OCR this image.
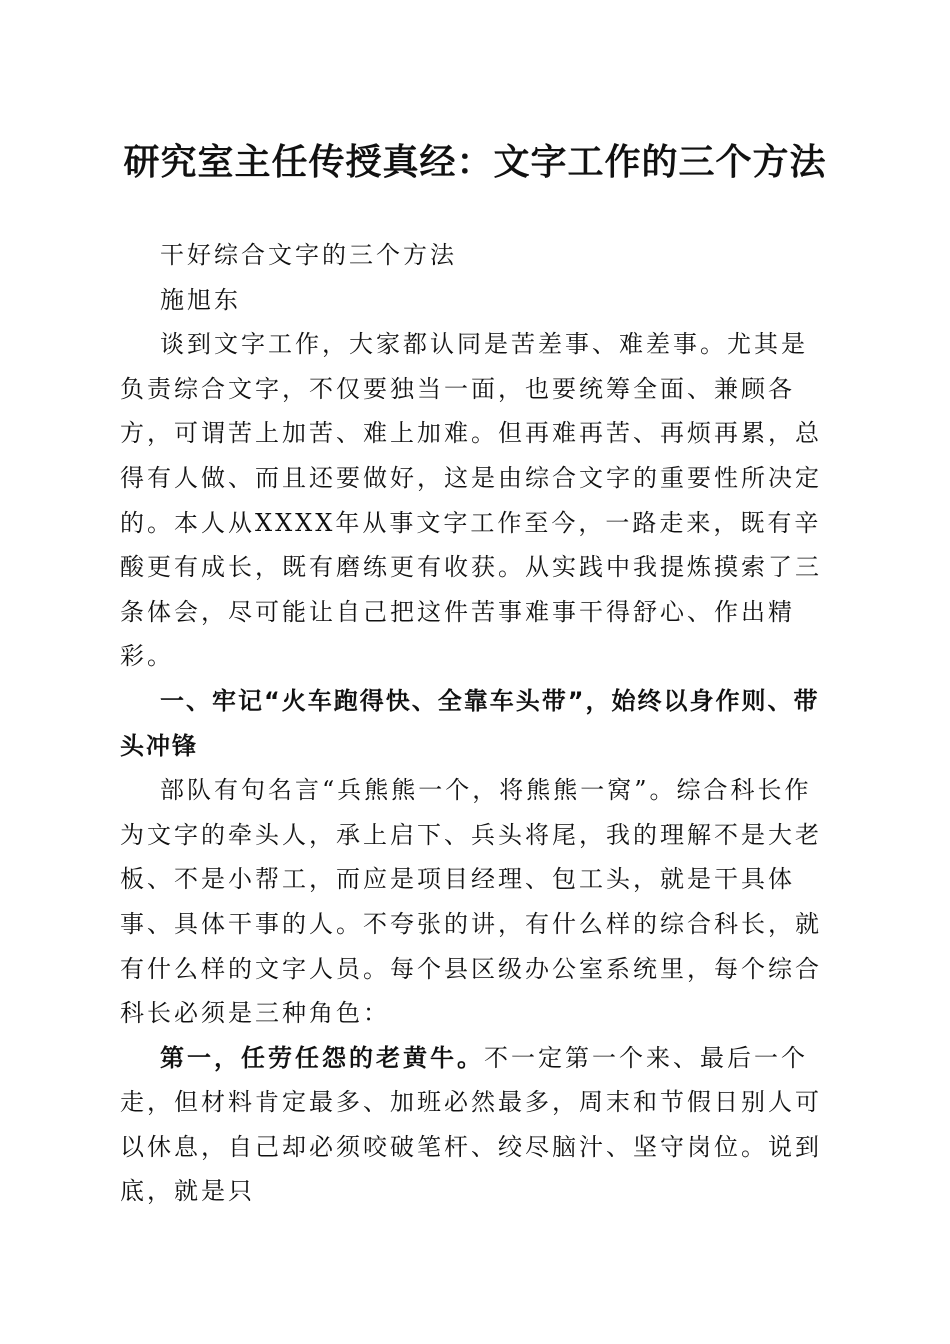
研究室主任传授真经：文字工作的三个方法

干好综合文字的三个方法

施旭东

谈到文字工作，大家都认同是苦差事、难差事。尤其是负责综合文字，不仅要独当一面，也要统筹全面、兼顾各方，可谓苦上加苦、难上加难。但再难再苦、再烦再累，总得有人做、而且还要做好，这是由综合文字的重要性所决定的。本人从XXXX年从事文字工作至今，一路走来，既有辛酸更有成长，既有磨练更有收获。从实践中我提炼摸索了三条体会，尽可能让自己把这件苦事难事干得舒心、作出精彩。

一、牢记“火车跑得快、全靠车头带”，始终以身作则、带头冲锋

部队有句名言“兵熊熊一个，将熊熊一窝”。综合科长作为文字的牵头人，承上启下、兵头将尾，我的理解不是大老板、不是小帮工，而应是项目经理、包工头，就是干具体事、具体干事的人。不夸张的讲，有什么样的综合科长，就有什么样的文字人员。每个县区级办公室系统里，每个综合科长必须是三种角色：

第一，任劳任怨的老黄牛。不一定第一个来、最后一个走，但材料肯定最多、加班必然最多，周末和节假日别人可以休息，自己却必须咬破笔杆、绞尽脑汁、坚守岗位。说到底，就是只
